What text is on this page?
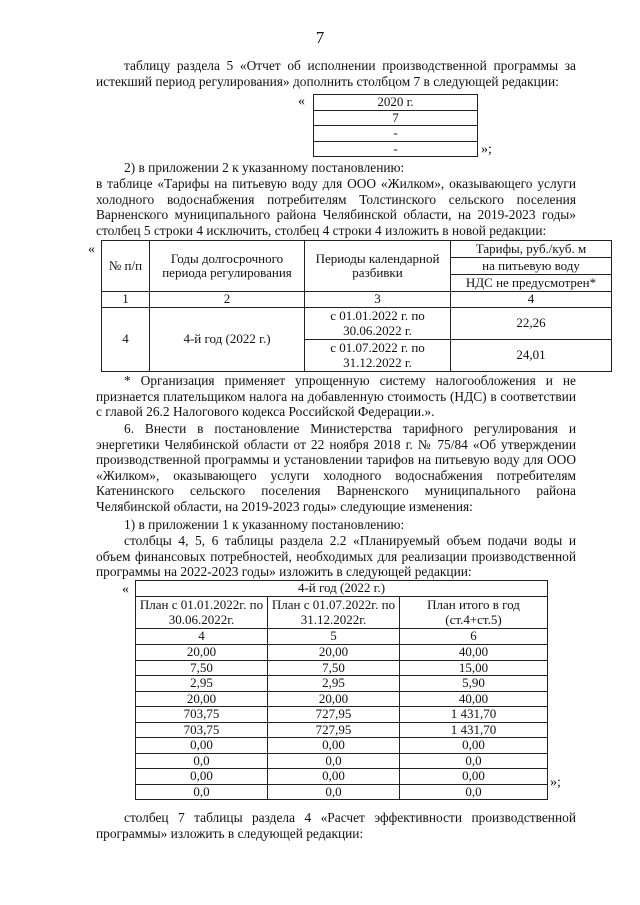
7
таблицу раздела 5 «Отчет об исполнении производственной программы за истекший период регулирования» дополнить столбцом 7 в следующей редакции:
«	2020 г.
7
-
-	»;
2) в приложении 2 к указанному постановлению:
в таблице «Тарифы на питьевую воду для ООО «Жилком», оказывающего услуги холодного водоснабжения потребителям Толстинского сельского поселения Варненского муниципального района Челябинской области, на 2019-2023 годы» столбец 5 строки 4 исключить, столбец 4 строки 4 изложить в новой редакции:
«
№ п/п	Годы долгосрочного периода регулирования	Периоды календарной разбивки	Тарифы, руб./куб. м
			на питьевую воду
			НДС не предусмотрен*
1	2	3	4
4	4-й год (2022 г.)	с 01.01.2022 г. по 30.06.2022 г.	22,26
		с 01.07.2022 г. по 31.12.2022 г.	24,01
* Организация применяет упрощенную систему налогообложения и не признается плательщиком налога на добавленную стоимость (НДС) в соответствии с главой 26.2 Налогового кодекса Российской Федерации.».
6. Внести в постановление Министерства тарифного регулирования и энергетики Челябинской области от 22 ноября 2018 г. № 75/84 «Об утверждении производственной программы и установлении тарифов на питьевую воду для ООО «Жилком», оказывающего услуги холодного водоснабжения потребителям Катенинского сельского поселения Варненского муниципального района Челябинской области, на 2019-2023 годы» следующие изменения:
1) в приложении 1 к указанному постановлению:
столбцы 4, 5, 6 таблицы раздела 2.2 «Планируемый объем подачи воды и объем финансовых потребностей, необходимых для реализации производственной программы на 2022-2023 годы» изложить в следующей редакции:
«	4-й год (2022 г.)		
План с 01.01.2022г. по 30.06.2022г.	План с 01.07.2022г. по 31.12.2022г.	План итого в год (ст.4+ст.5)
4	5	6
20,00	20,00	40,00
7,50	7,50	15,00
2,95	2,95	5,90
20,00	20,00	40,00
703,75	727,95	1 431,70
703,75	727,95	1 431,70
0,00	0,00	0,00
0,0	0,0	0,0
0,00	0,00	0,00
0,0	0,0	0,0
»;
столбец 7 таблицы раздела 4 «Расчет эффективности производственной программы» изложить в следующей редакции:
